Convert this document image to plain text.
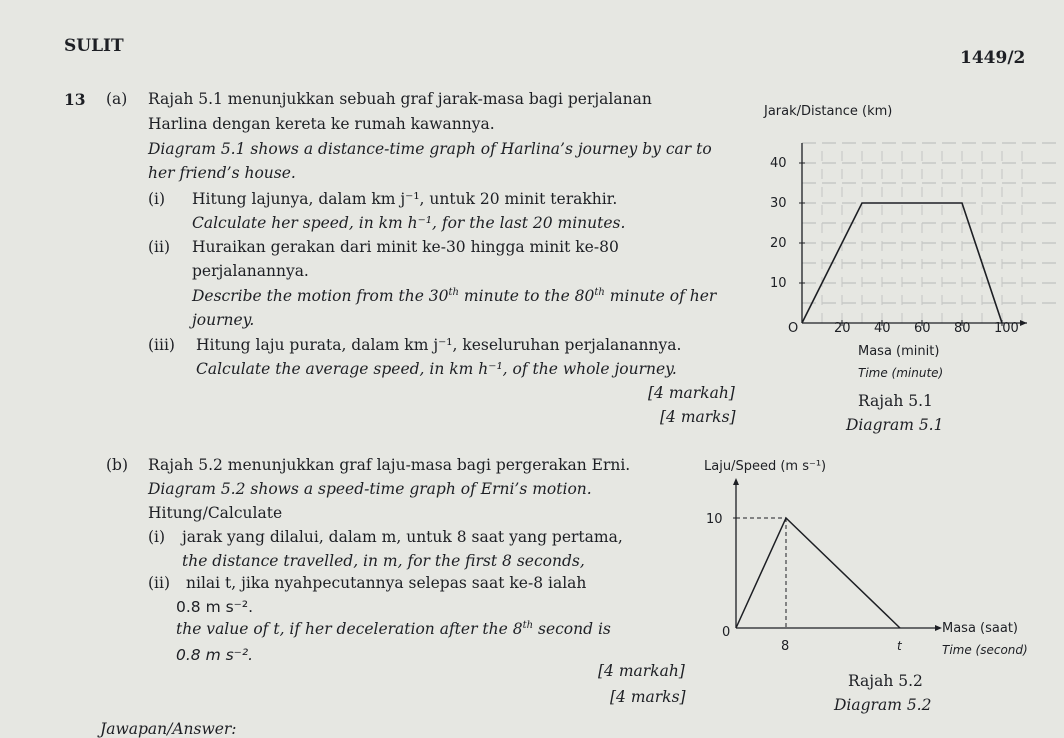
SULIT
1449/2
13 (a) Rajah 5.1 menunjukkan sebuah graf jarak-masa bagi perjalanan
Harlina dengan kereta ke rumah kawannya.
Diagram 5.1 shows a distance-time graph of Harlina’s journey by car to
her friend’s house.
(i) Hitung lajunya, dalam km j⁻¹, untuk 20 minit terakhir.
Calculate her speed, in km h⁻¹, for the last 20 minutes.
(ii) Huraikan gerakan dari minit ke-30 hingga minit ke-80
perjalanannya.
Describe the motion from the 30th minute to the 80th minute of her
journey.
(iii) Hitung laju purata, dalam km j⁻¹, keseluruhan perjalanannya.
Calculate the average speed, in km h⁻¹, of the whole journey.
[4 markah]
[4 marks]
Jarak/Distance (km)
10
20
30
40
20 40 60 80 100
O
Masa (minit)
Time (minute)
Rajah 5.1
Diagram 5.1
(b) Rajah 5.2 menunjukkan graf laju-masa bagi pergerakan Erni.
Diagram 5.2 shows a speed-time graph of Erni’s motion.
Hitung/Calculate
(i) jarak yang dilalui, dalam m, untuk 8 saat yang pertama,
the distance travelled, in m, for the first 8 seconds,
(ii) nilai t, jika nyahpecutannya selepas saat ke-8 ialah
0.8 m s⁻².
the value of t, if her deceleration after the 8th second is
0.8 m s⁻².
[4 markah]
[4 marks]
Laju/Speed (m s⁻¹)
10
0
8	t
Masa (saat)
Time (second)
Rajah 5.2
Diagram 5.2
Jawapan/Answer:
